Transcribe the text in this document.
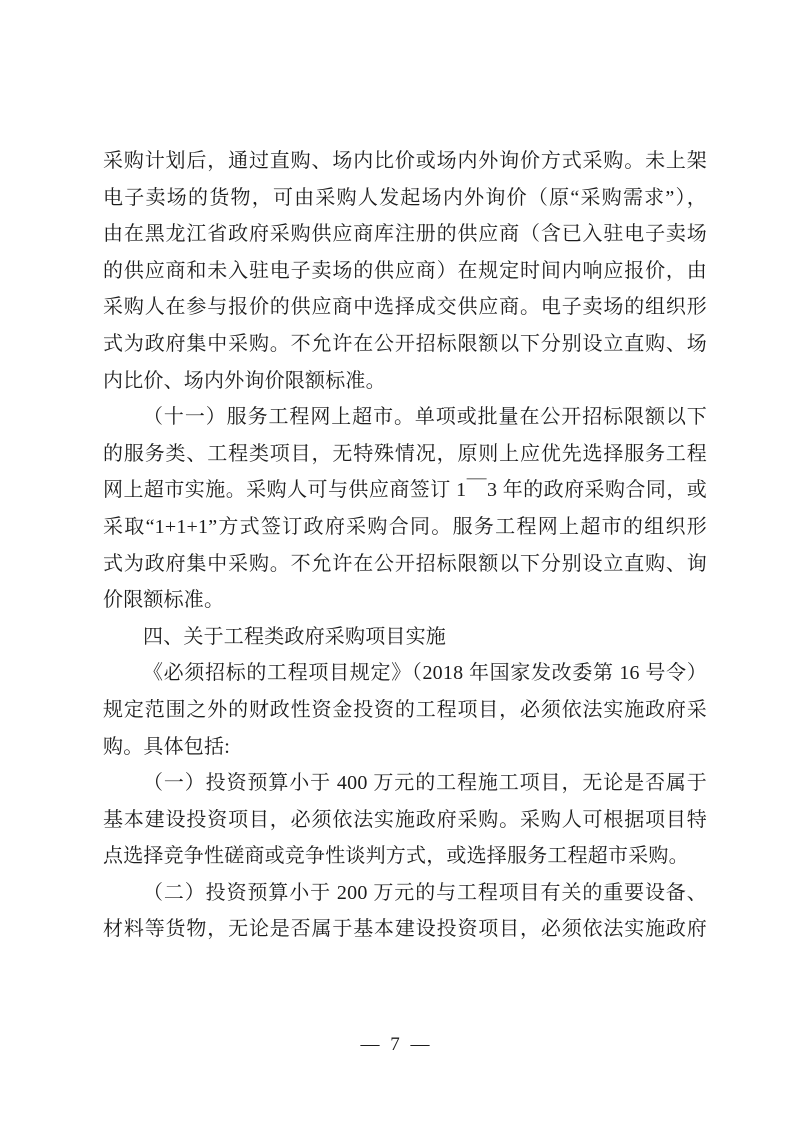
采购计划后，通过直购、场内比价或场内外询价方式采购。未上架
电子卖场的货物，可由采购人发起场内外询价（原“采购需求”），
由在黑龙江省政府采购供应商库注册的供应商（含已入驻电子卖场
的供应商和未入驻电子卖场的供应商）在规定时间内响应报价，由
采购人在参与报价的供应商中选择成交供应商。电子卖场的组织形
式为政府集中采购。不允许在公开招标限额以下分别设立直购、场
内比价、场内外询价限额标准。
（十一）服务工程网上超市。单项或批量在公开招标限额以下
的服务类、工程类项目，无特殊情况，原则上应优先选择服务工程
网上超市实施。采购人可与供应商签订 1￣3 年的政府采购合同，或
采取“1+1+1”方式签订政府采购合同。服务工程网上超市的组织形
式为政府集中采购。不允许在公开招标限额以下分别设立直购、询
价限额标准。
四、关于工程类政府采购项目实施
《必须招标的工程项目规定》（2018 年国家发改委第 16 号令）
规定范围之外的财政性资金投资的工程项目，必须依法实施政府采
购。具体包括:
（一）投资预算小于 400 万元的工程施工项目，无论是否属于
基本建设投资项目，必须依法实施政府采购。采购人可根据项目特
点选择竞争性磋商或竞争性谈判方式，或选择服务工程超市采购。
（二）投资预算小于 200 万元的与工程项目有关的重要设备、
材料等货物，无论是否属于基本建设投资项目，必须依法实施政府
— 7 —
